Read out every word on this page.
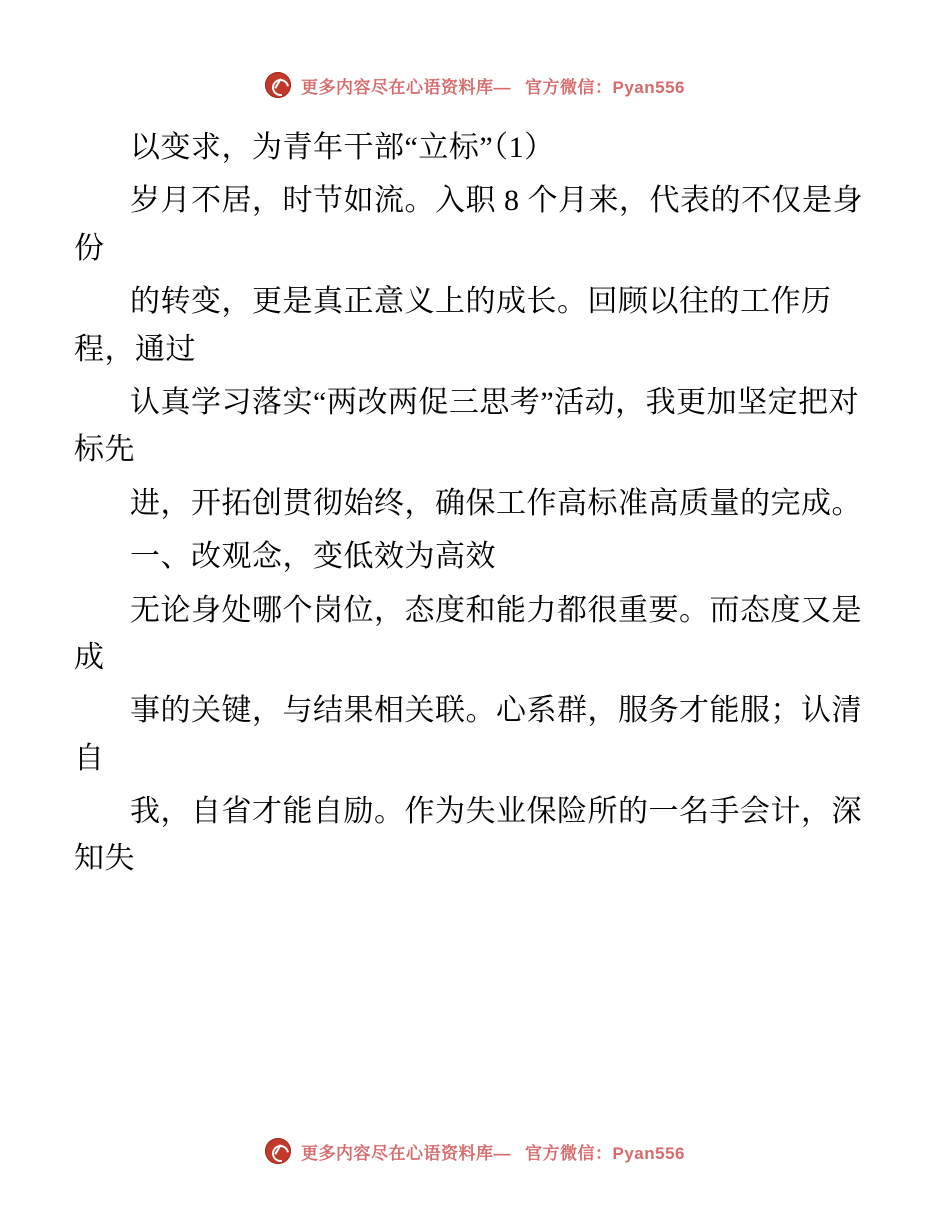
更多内容尽在心语资料库— 官方微信：Pyan556

以变求，为青年干部“立标”（1）

岁月不居，时节如流。入职 8 个月来，代表的不仅是身份

的转变，更是真正意义上的成长。回顾以往的工作历程，通过

认真学习落实“两改两促三思考”活动，我更加坚定把对标先

进，开拓创贯彻始终，确保工作高标准高质量的完成。

一、改观念，变低效为高效

无论身处哪个岗位，态度和能力都很重要。而态度又是成

事的关键，与结果相关联。心系群，服务才能服；认清自

我，自省才能自励。作为失业保险所的一名手会计，深知失

更多内容尽在心语资料库— 官方微信：Pyan556
